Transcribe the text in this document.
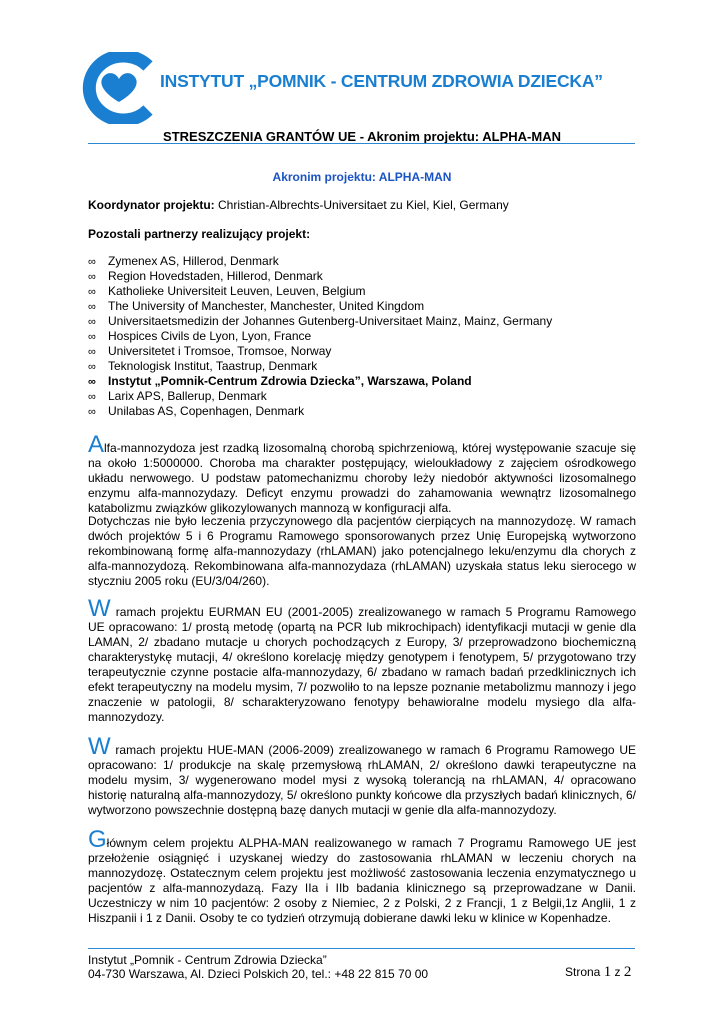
INSTYTUT „POMNIK - CENTRUM ZDROWIA DZIECKA”
STRESZCZENIA GRANTÓW UE - Akronim projektu: ALPHA-MAN
Akronim projektu: ALPHA-MAN
Koordynator projektu: Christian-Albrechts-Universitaet zu Kiel, Kiel, Germany
Pozostali partnerzy realizujący projekt:
∞ Zymenex AS, Hillerod, Denmark
∞ Region Hovedstaden, Hillerod, Denmark
∞ Katholieke Universiteit Leuven, Leuven, Belgium
∞ The University of Manchester, Manchester, United Kingdom
∞ Universitaetsmedizin der Johannes Gutenberg-Universitaet Mainz, Mainz, Germany
∞ Hospices Civils de Lyon, Lyon, France
∞ Universitetet i Tromsoe, Tromsoe, Norway
∞ Teknologisk Institut, Taastrup, Denmark
∞ Instytut „Pomnik-Centrum Zdrowia Dziecka”, Warszawa, Poland
∞ Larix APS, Ballerup, Denmark
∞ Unilabas AS, Copenhagen, Denmark

Alfa-mannozydoza jest rzadką lizosomalną chorobą spichrzeniową, której występowanie szacuje się na około 1:5000000. Choroba ma charakter postępujący, wieloukładowy z zajęciem ośrodkowego układu nerwowego. U podstaw patomechanizmu choroby leży niedobór aktywności lizosomalnego enzymu alfa-mannozydazy. Deficyt enzymu prowadzi do zahamowania wewnątrz lizosomalnego katabolizmu związków glikozylowanych mannozą w konfiguracji alfa.

Dotychczas nie było leczenia przyczynowego dla pacjentów cierpiących na mannozydozę. W ramach dwóch projektów 5 i 6 Programu Ramowego sponsorowanych przez Unię Europejską wytworzono rekombinowaną formę alfa-mannozydazy (rhLAMAN) jako potencjalnego leku/enzymu dla chorych z alfa-mannozydozą. Rekombinowana alfa-mannozydaza (rhLAMAN) uzyskała status leku sierocego w styczniu 2005 roku (EU/3/04/260).

W ramach projektu EURMAN EU (2001-2005) zrealizowanego w ramach 5 Programu Ramowego UE opracowano: 1/ prostą metodę (opartą na PCR lub mikrochipach) identyfikacji mutacji w genie dla LAMAN, 2/ zbadano mutacje u chorych pochodzących z Europy, 3/ przeprowadzono biochemiczną charakterystykę mutacji, 4/ określono korelację między genotypem i fenotypem, 5/ przygotowano trzy terapeutycznie czynne postacie alfa-mannozydazy, 6/ zbadano w ramach badań przedklinicznych ich efekt terapeutyczny na modelu mysim, 7/ pozwoliło to na lepsze poznanie metabolizmu mannozy i jego znaczenie w patologii, 8/ scharakteryzowano fenotypy behawioralne modelu mysiego dla alfa-mannozydozy.

W ramach projektu HUE-MAN (2006-2009) zrealizowanego w ramach 6 Programu Ramowego UE opracowano: 1/ produkcje na skalę przemysłową rhLAMAN, 2/ określono dawki terapeutyczne na modelu mysim, 3/ wygenerowano model mysi z wysoką tolerancją na rhLAMAN, 4/ opracowano historię naturalną alfa-mannozydozy, 5/ określono punkty końcowe dla przyszłych badań klinicznych, 6/ wytworzono powszechnie dostępną bazę danych mutacji w genie dla alfa-mannozydozy.

Głównym celem projektu ALPHA-MAN realizowanego w ramach 7 Programu Ramowego UE jest przełożenie osiągnięć i uzyskanej wiedzy do zastosowania rhLAMAN w leczeniu chorych na mannozydozę. Ostatecznym celem projektu jest możliwość zastosowania leczenia enzymatycznego u pacjentów z alfa-mannozydazą. Fazy IIa i IIb badania klinicznego są przeprowadzane w Danii. Uczestniczy w nim 10 pacjentów: 2 osoby z Niemiec, 2 z Polski, 2 z Francji, 1 z Belgii,1z Anglii, 1 z Hiszpanii i 1 z Danii. Osoby te co tydzień otrzymują dobierane dawki leku w klinice w Kopenhadze.

Instytut „Pomnik - Centrum Zdrowia Dziecka”
04-730 Warszawa, Al. Dzieci Polskich 20, tel.: +48 22 815 70 00	Strona 1 z 2
